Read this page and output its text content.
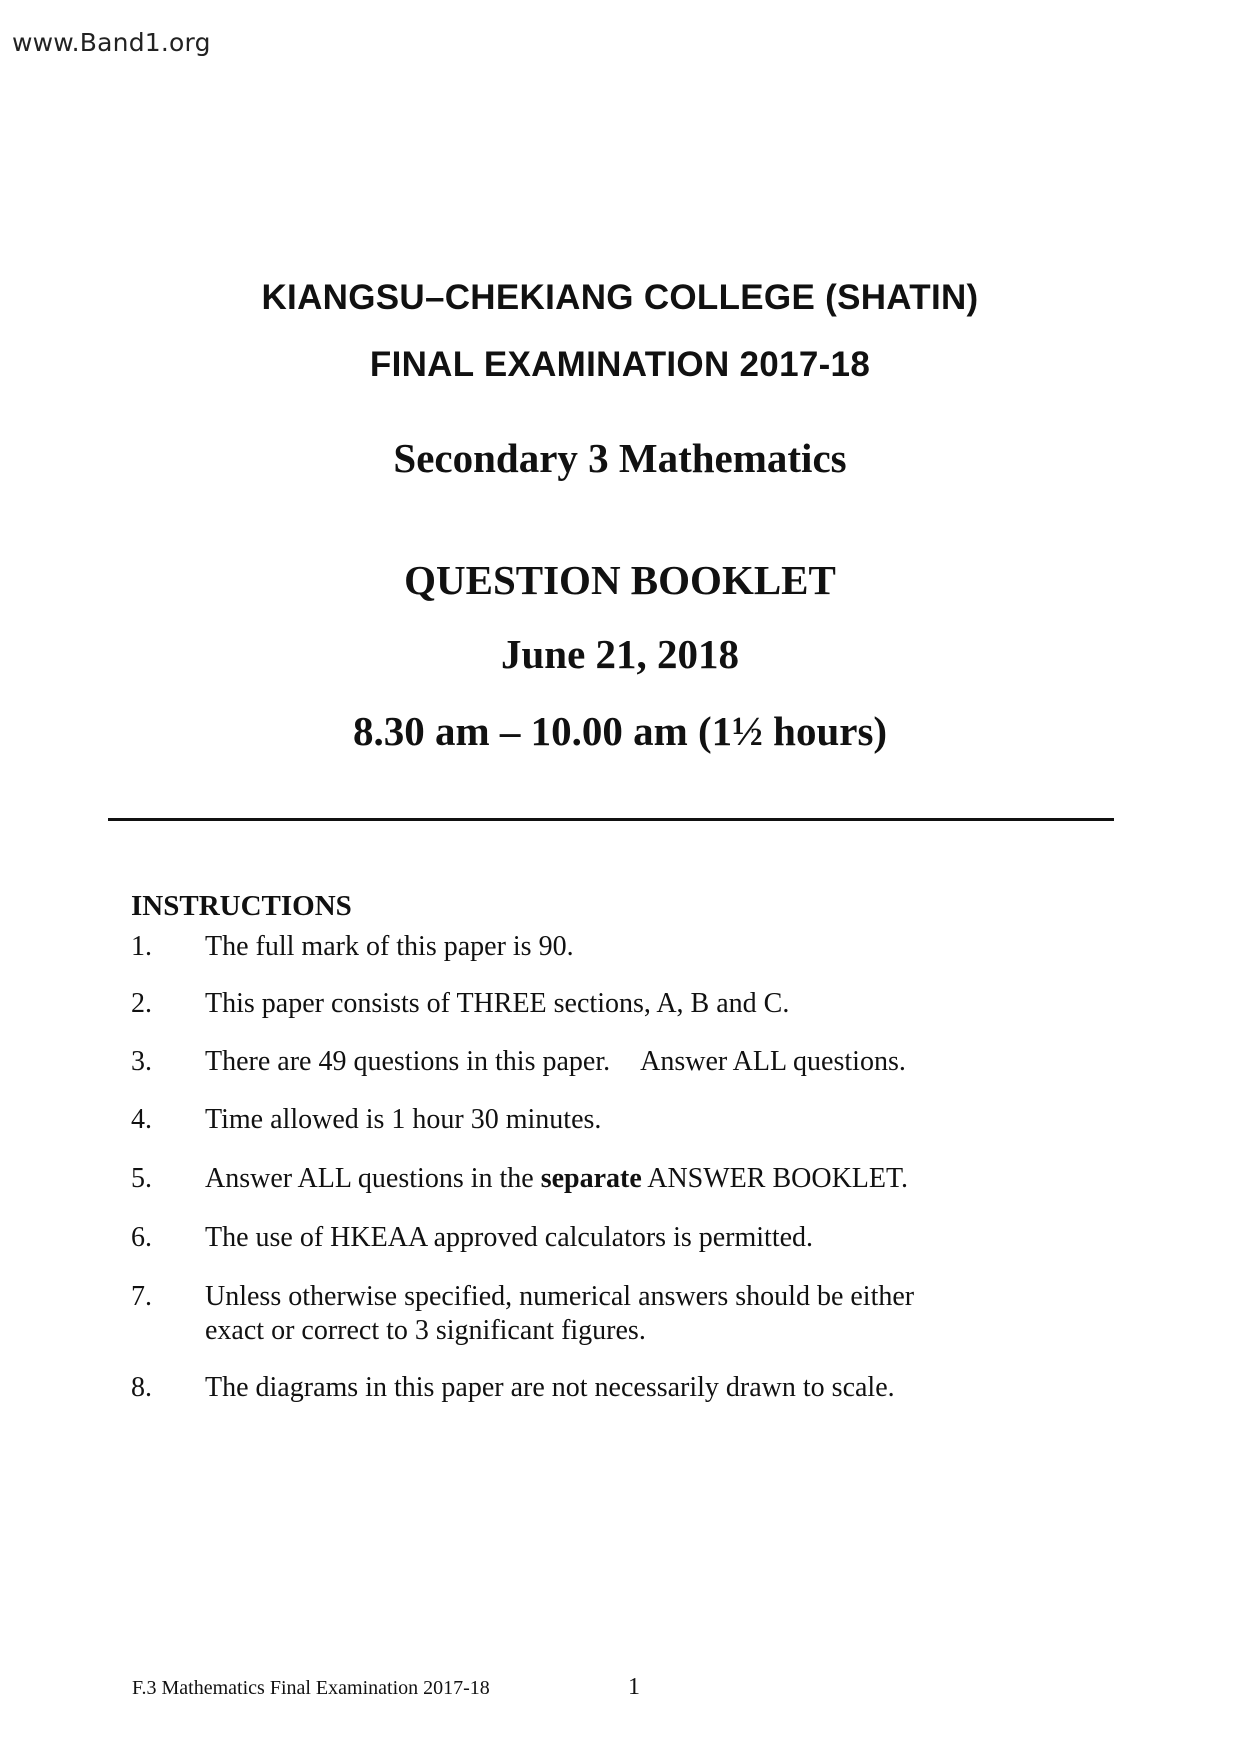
www.Band1.org
KIANGSU–CHEKIANG COLLEGE (SHATIN)
FINAL EXAMINATION 2017-18
Secondary 3 Mathematics
QUESTION BOOKLET
June 21, 2018
8.30 am – 10.00 am (1½ hours)
INSTRUCTIONS
1.	The full mark of this paper is 90.
2.	This paper consists of THREE sections, A, B and C.
3.	There are 49 questions in this paper. Answer ALL questions.
4.	Time allowed is 1 hour 30 minutes.
5.	Answer ALL questions in the separate ANSWER BOOKLET.
6.	The use of HKEAA approved calculators is permitted.
7.	Unless otherwise specified, numerical answers should be either exact or correct to 3 significant figures.
8.	The diagrams in this paper are not necessarily drawn to scale.
F.3 Mathematics Final Examination 2017-18	1
